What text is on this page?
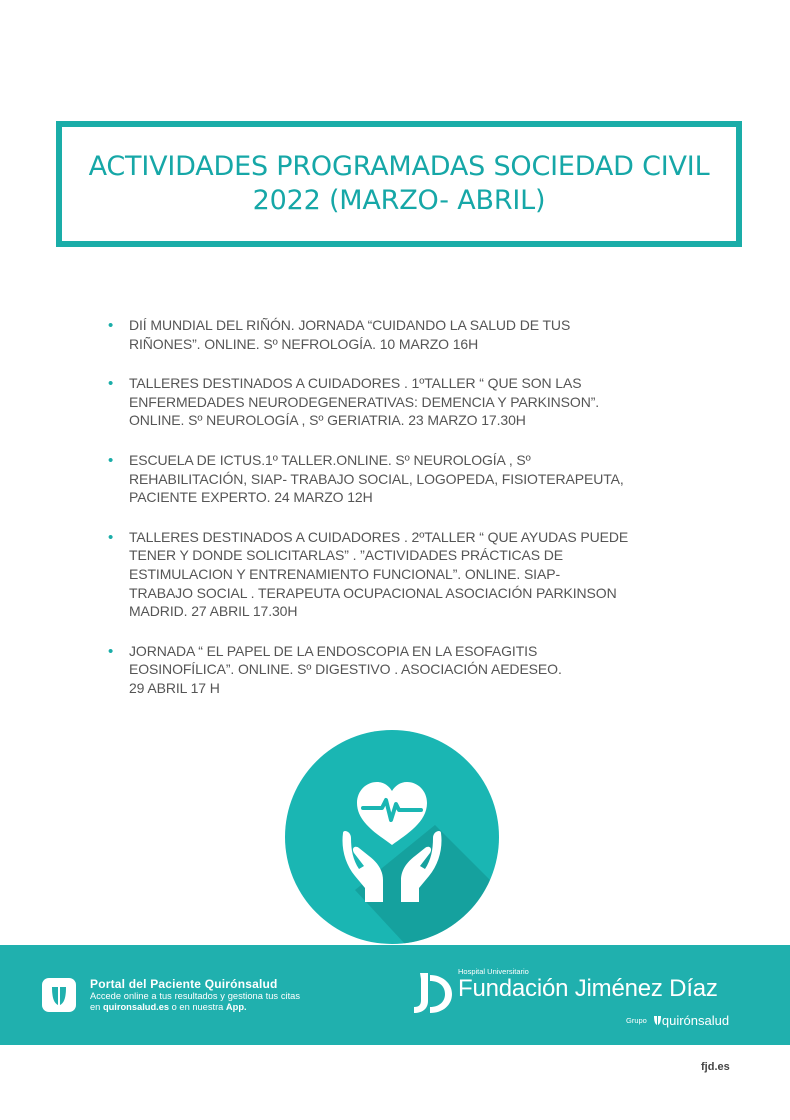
ACTIVIDADES PROGRAMADAS SOCIEDAD CIVIL
2022 (MARZO- ABRIL)
• DIÍ MUNDIAL DEL RIÑÓN. JORNADA “CUIDANDO LA SALUD DE TUS
RIÑONES”. ONLINE. Sº NEFROLOGÍA. 10 MARZO 16H
• TALLERES DESTINADOS A CUIDADORES . 1ºTALLER “ QUE SON LAS
ENFERMEDADES NEURODEGENERATIVAS: DEMENCIA Y PARKINSON”.
ONLINE. Sº NEUROLOGÍA , Sº GERIATRIA. 23 MARZO 17.30H
• ESCUELA DE ICTUS.1º TALLER.ONLINE. Sº NEUROLOGÍA , Sº
REHABILITACIÓN, SIAP- TRABAJO SOCIAL, LOGOPEDA, FISIOTERAPEUTA,
PACIENTE EXPERTO. 24 MARZO 12H
• TALLERES DESTINADOS A CUIDADORES . 2ºTALLER “ QUE AYUDAS PUEDE
TENER Y DONDE SOLICITARLAS” . ”ACTIVIDADES PRÁCTICAS DE
ESTIMULACION Y ENTRENAMIENTO FUNCIONAL”. ONLINE. SIAP-
TRABAJO SOCIAL . TERAPEUTA OCUPACIONAL ASOCIACIÓN PARKINSON
MADRID. 27 ABRIL 17.30H
• JORNADA “ EL PAPEL DE LA ENDOSCOPIA EN LA ESOFAGITIS
EOSINOFÍLICA”. ONLINE. Sº DIGESTIVO . ASOCIACIÓN AEDESEO.
29 ABRIL 17 H
Portal del Paciente Quirónsalud
Accede online a tus resultados y gestiona tus citas en quironsalud.es o en nuestra App.
Hospital Universitario
Fundación Jiménez Díaz
Grupo quirónsalud
fjd.es
